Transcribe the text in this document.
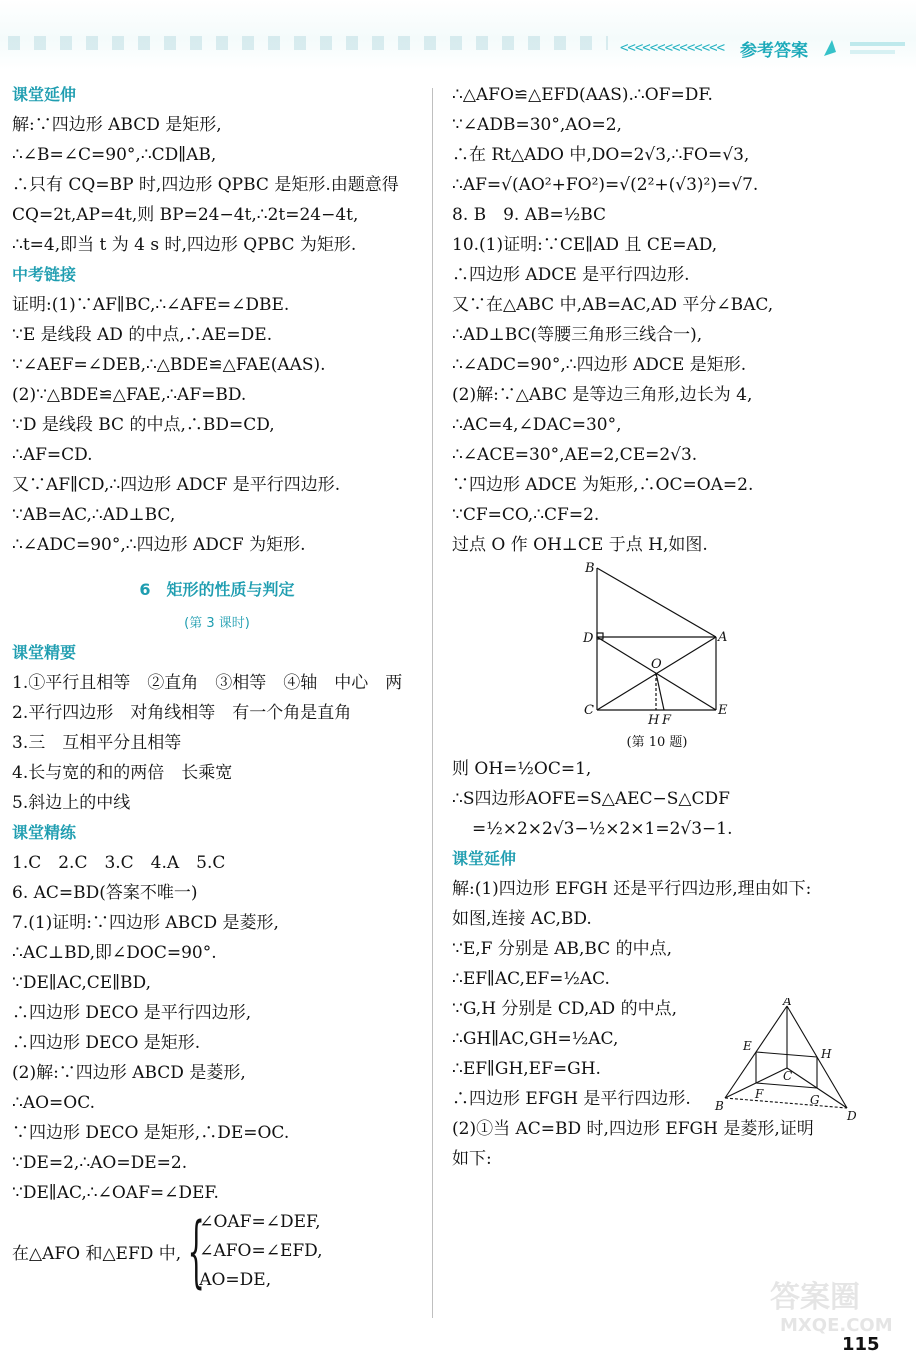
<<<<<<<<<<<<<< 参考答案
课堂延伸
解:∵四边形 ABCD 是矩形,
∴∠B=∠C=90°,∴CD∥AB,
∴只有 CQ=BP 时,四边形 QPBC 是矩形.由题意得
CQ=2t,AP=4t,则 BP=24−4t,∴2t=24−4t,
∴t=4,即当 t 为 4 s 时,四边形 QPBC 为矩形.
中考链接
证明:(1)∵AF∥BC,∴∠AFE=∠DBE.
∵E 是线段 AD 的中点,∴AE=DE.
∵∠AEF=∠DEB,∴△BDE≌△FAE(AAS).
(2)∵△BDE≌△FAE,∴AF=BD.
∵D 是线段 BC 的中点,∴BD=CD,
∴AF=CD.
又∵AF∥CD,∴四边形 ADCF 是平行四边形.
∵AB=AC,∴AD⊥BC,
∴∠ADC=90°,∴四边形 ADCF 为矩形.
6　矩形的性质与判定
(第 3 课时)
课堂精要
1.①平行且相等　②直角　③相等　④轴　中心　两
2.平行四边形　对角线相等　有一个角是直角
3.三　互相平分且相等
4.长与宽的和的两倍　长乘宽
5.斜边上的中线
课堂精练
1.C　2.C　3.C　4.A　5.C
6. AC=BD(答案不唯一)
7.(1)证明:∵四边形 ABCD 是菱形,
∴AC⊥BD,即∠DOC=90°.
∵DE∥AC,CE∥BD,
∴四边形 DECO 是平行四边形,
∴四边形 DECO 是矩形.
(2)解:∵四边形 ABCD 是菱形,
∴AO=OC.
∵四边形 DECO 是矩形,∴DE=OC.
∵DE=2,∴AO=DE=2.
∵DE∥AC,∴∠OAF=∠DEF.
在△AFO 和△EFD 中, {
∠OAF=∠DEF,
∠AFO=∠EFD,
AO=DE,
∴△AFO≌△EFD(AAS).∴OF=DF.
∵∠ADB=30°,AO=2,
∴在 Rt△ADO 中,DO=2√3,∴FO=√3,
∴AF=√(AO²+FO²)=√(2²+(√3)²)=√7.
8. B　9. AB=½BC
10.(1)证明:∵CE∥AD 且 CE=AD,
∴四边形 ADCE 是平行四边形.
又∵在△ABC 中,AB=AC,AD 平分∠BAC,
∴AD⊥BC(等腰三角形三线合一),
∴∠ADC=90°,∴四边形 ADCE 是矩形.
(2)解:∵△ABC 是等边三角形,边长为 4,
∴AC=4,∠DAC=30°,
∴∠ACE=30°,AE=2,CE=2√3.
∵四边形 ADCE 为矩形,∴OC=OA=2.
∵CF=CO,∴CF=2.
过点 O 作 OH⊥CE 于点 H,如图.
B
D	A
O
C
H F
E
(第 10 题)
则 OH=½OC=1,
∴S四边形AOFE=S△AEC−S△CDF
=½×2×2√3−½×2×1=2√3−1.
课堂延伸
解:(1)四边形 EFGH 还是平行四边形,理由如下:
如图,连接 AC,BD.
∵E,F 分别是 AB,BC 的中点,
∴EF∥AC,EF=½AC.
∵G,H 分别是 CD,AD 的中点,
∴GH∥AC,GH=½AC,
∴EF∥GH,EF=GH.
∴四边形 EFGH 是平行四边形.
(2)①当 AC=BD 时,四边形 EFGH 是菱形,证明
如下:
A
E
H
C
B
F	G
D
115
答案圈
MXQE.COM
